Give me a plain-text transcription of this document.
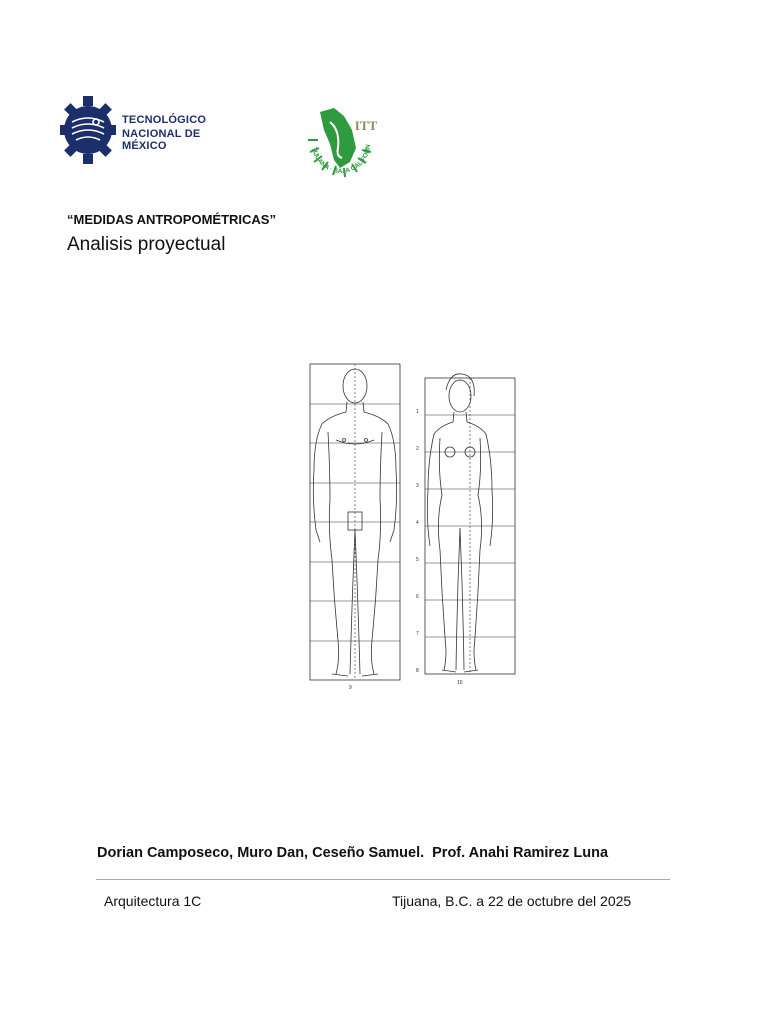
TECNOLÓGICO
NACIONAL DE MÉXICO
ITT
TIJUANA · BAJA CALIFORN
“MEDIDAS ANTROPOMÉTRICAS”
Analisis proyectual
1
2
3
4
5
6
7
8
9
10
Dorian Camposeco, Muro Dan, Ceseño Samuel. Prof. Anahi Ramirez Luna
Arquitectura 1C	Tijuana, B.C. a 22 de octubre del 2025
